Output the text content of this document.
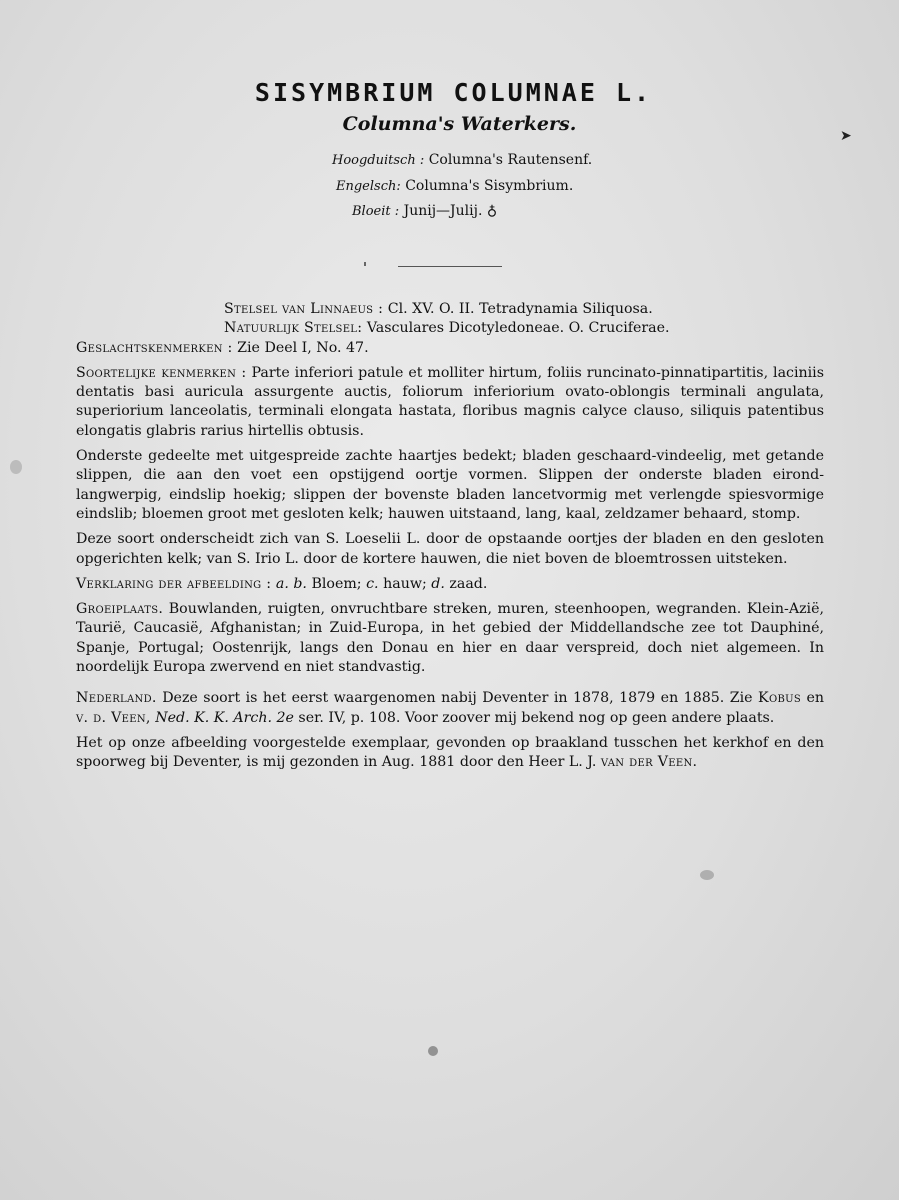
➤
SISYMBRIUM COLUMNAE L.
Columna's Waterkers.
Hoogduitsch : Columna's Rautensenf.
Engelsch: Columna's Sisymbrium.
Bloeit : Junij—Julij. ♁

Stelsel van Linnaeus : Cl. XV. O. II. Tetradynamia Siliquosa.

Natuurlijk Stelsel: Vasculares Dicotyledoneae. O. Cruciferae.

Geslachtskenmerken : Zie Deel I, No. 47.

Soortelijke kenmerken : Parte inferiori patule et molliter hirtum, foliis runcinato-pinnatipartitis, laciniis dentatis basi auricula assurgente auctis, foliorum inferiorium ovato-oblongis terminali angulata, superiorium lanceolatis, terminali elongata hastata, floribus magnis calyce clauso, siliquis patentibus elongatis glabris rarius hirtellis obtusis.

Onderste gedeelte met uitgespreide zachte haartjes bedekt; bladen geschaard-vindeelig, met getande slippen, die aan den voet een opstijgend oortje vormen. Slippen der onderste bladen eirond-langwerpig, eindslip hoekig; slippen der bovenste bladen lancetvormig met verlengde spiesvormige eindslib; bloemen groot met gesloten kelk; hauwen uitstaand, lang, kaal, zeldzamer behaard, stomp.

Deze soort onderscheidt zich van S. Loeselii L. door de opstaande oortjes der bladen en den gesloten opgerichten kelk; van S. Irio L. door de kortere hauwen, die niet boven de bloemtrossen uitsteken.

Verklaring der afbeelding : a. b. Bloem; c. hauw; d. zaad.

Groeiplaats. Bouwlanden, ruigten, onvruchtbare streken, muren, steenhoopen, wegranden. Klein-Azië, Taurië, Caucasië, Afghanistan; in Zuid-Europa, in het gebied der Middellandsche zee tot Dauphiné, Spanje, Portugal; Oostenrijk, langs den Donau en hier en daar verspreid, doch niet algemeen. In noordelijk Europa zwervend en niet standvastig.

Nederland. Deze soort is het eerst waargenomen nabij Deventer in 1878, 1879 en 1885. Zie Kobus en v. d. Veen, Ned. K. K. Arch. 2e ser. IV, p. 108. Voor zoover mij bekend nog op geen andere plaats.

Het op onze afbeelding voorgestelde exemplaar, gevonden op braakland tusschen het kerkhof en den spoorweg bij Deventer, is mij gezonden in Aug. 1881 door den Heer L. J. van der Veen.
